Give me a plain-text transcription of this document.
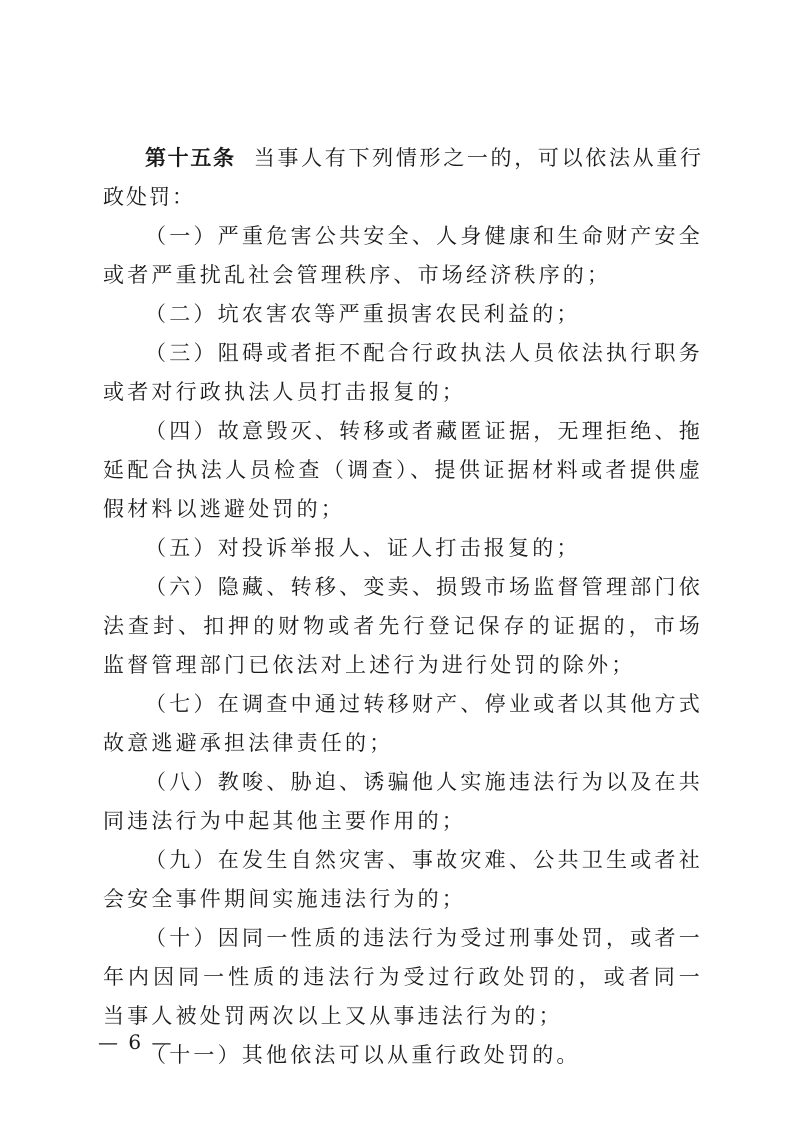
第十五条 当事人有下列情形之一的，可以依法从重行政处罚：

（一）严重危害公共安全、人身健康和生命财产安全或者严重扰乱社会管理秩序、市场经济秩序的；

（二）坑农害农等严重损害农民利益的；

（三）阻碍或者拒不配合行政执法人员依法执行职务或者对行政执法人员打击报复的；

（四）故意毁灭、转移或者藏匿证据，无理拒绝、拖延配合执法人员检查（调查）、提供证据材料或者提供虚假材料以逃避处罚的；

（五）对投诉举报人、证人打击报复的；

（六）隐藏、转移、变卖、损毁市场监督管理部门依法查封、扣押的财物或者先行登记保存的证据的，市场监督管理部门已依法对上述行为进行处罚的除外；

（七）在调查中通过转移财产、停业或者以其他方式故意逃避承担法律责任的；

（八）教唆、胁迫、诱骗他人实施违法行为以及在共同违法行为中起其他主要作用的；

（九）在发生自然灾害、事故灾难、公共卫生或者社会安全事件期间实施违法行为的；

（十）因同一性质的违法行为受过刑事处罚，或者一年内因同一性质的违法行为受过行政处罚的，或者同一当事人被处罚两次以上又从事违法行为的；

（十一）其他依法可以从重行政处罚的。

— 6 —
